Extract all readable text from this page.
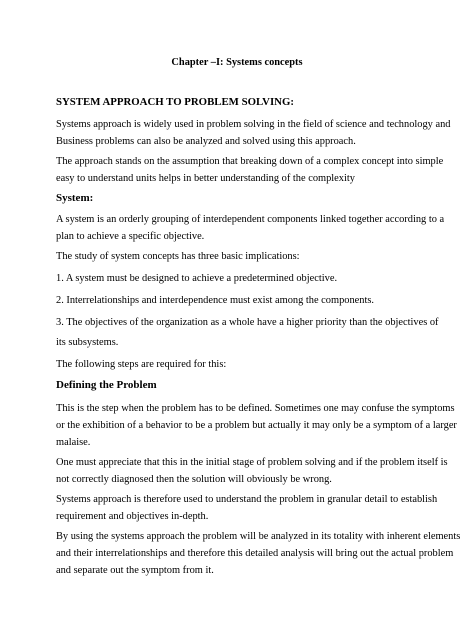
Chapter –I: Systems concepts
SYSTEM APPROACH TO PROBLEM SOLVING:
Systems approach is widely used in problem solving in the field of science and technology and
Business problems can also be analyzed and solved using this approach.
The approach stands on the assumption that breaking down of a complex concept into simple
easy to understand units helps in better understanding of the complexity
System:
A system is an orderly grouping of interdependent components linked together according to a
plan to achieve a specific objective.
The study of system concepts has three basic implications:
1. A system must be designed to achieve a predetermined objective.
2. Interrelationships and interdependence must exist among the components.
3. The objectives of the organization as a whole have a higher priority than the objectives of
its subsystems.
The following steps are required for this:
Defining the Problem
This is the step when the problem has to be defined. Sometimes one may confuse the symptoms
or the exhibition of a behavior to be a problem but actually it may only be a symptom of a larger
malaise.
One must appreciate that this in the initial stage of problem solving and if the problem itself is
not correctly diagnosed then the solution will obviously be wrong.
Systems approach is therefore used to understand the problem in granular detail to establish
requirement and objectives in-depth.
By using the systems approach the problem will be analyzed in its totality with inherent elements
and their interrelationships and therefore this detailed analysis will bring out the actual problem
and separate out the symptom from it.
